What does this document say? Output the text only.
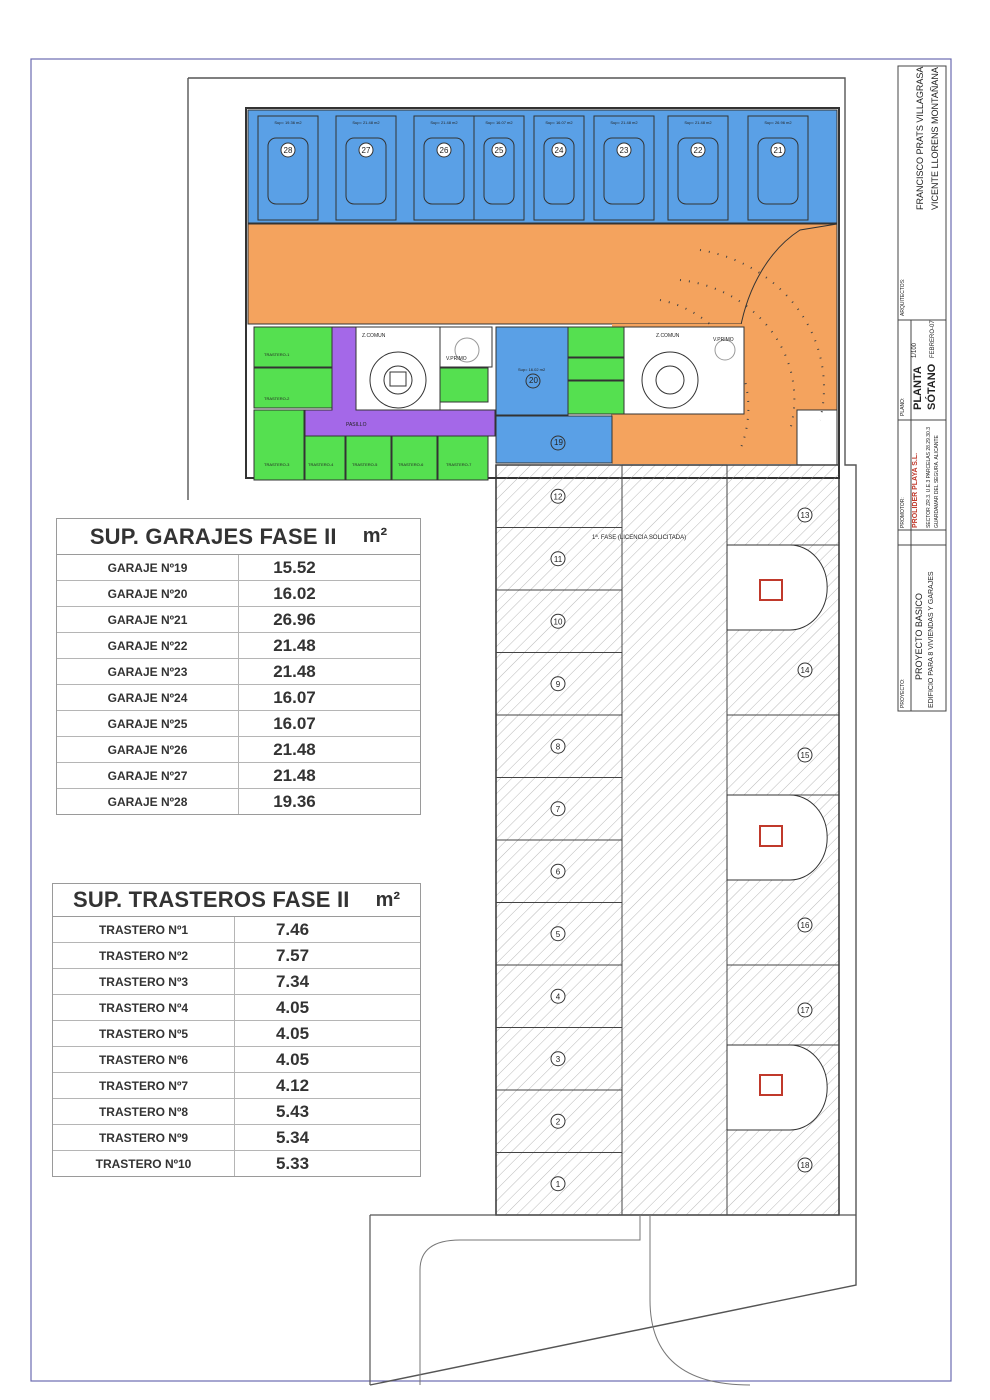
28
Sup= 19.36 m2
27
Sup= 21.48 m2
26
Sup= 21.48 m2
25
Sup= 16.07 m2
24
Sup= 16.07 m2
23
Sup= 21.48 m2
22
Sup= 21.48 m2
21
Sup= 26.96 m2
12
11
10
9
8
7
6
5
4
3
2
1
13
14
15
16
17
18
FRANCISCO PRATS VILLAGRASA VICENTE LLORENS MONTAÑANA
ARQUITECTOS:
PLANO: PLANTA SÓTANO
1/100 FEBRERO-07
PROMOTOR: PROLIDER PLAYA S.L. SECTOR ZR.3. U.E.3 PARCELAS 28.29.30.3 GUARDAMAR DEL SEGURA. ALICANTE
PROYECTO:
PROYECTO BASICO EDIFICIO PARA 8 VIVIENDAS Y GARAJES
1ª. FASE (LICENCIA SOLICITADA)
PASILLO
Z.COMUN	Z.COMUN
V.PRIMO
V.PRIMO
TRASTERO-1
TRASTERO-2
TRASTERO-3	TRASTERO-4	TRASTERO-5	TRASTERO-6	TRASTERO-7
20
Sup= 16.02 m2
19
SUP. GARAJES FASE II m²
GARAJE Nº19	15.52
GARAJE Nº20	16.02
GARAJE Nº21	26.96
GARAJE Nº22	21.48
GARAJE Nº23	21.48
GARAJE Nº24	16.07
GARAJE Nº25	16.07
GARAJE Nº26	21.48
GARAJE Nº27	21.48
GARAJE Nº28	19.36
SUP. TRASTEROS FASE II m²
TRASTERO Nº1	7.46
TRASTERO Nº2	7.57
TRASTERO Nº3	7.34
TRASTERO Nº4	4.05
TRASTERO Nº5	4.05
TRASTERO Nº6	4.05
TRASTERO Nº7	4.12
TRASTERO Nº8	5.43
TRASTERO Nº9	5.34
TRASTERO Nº10	5.33
